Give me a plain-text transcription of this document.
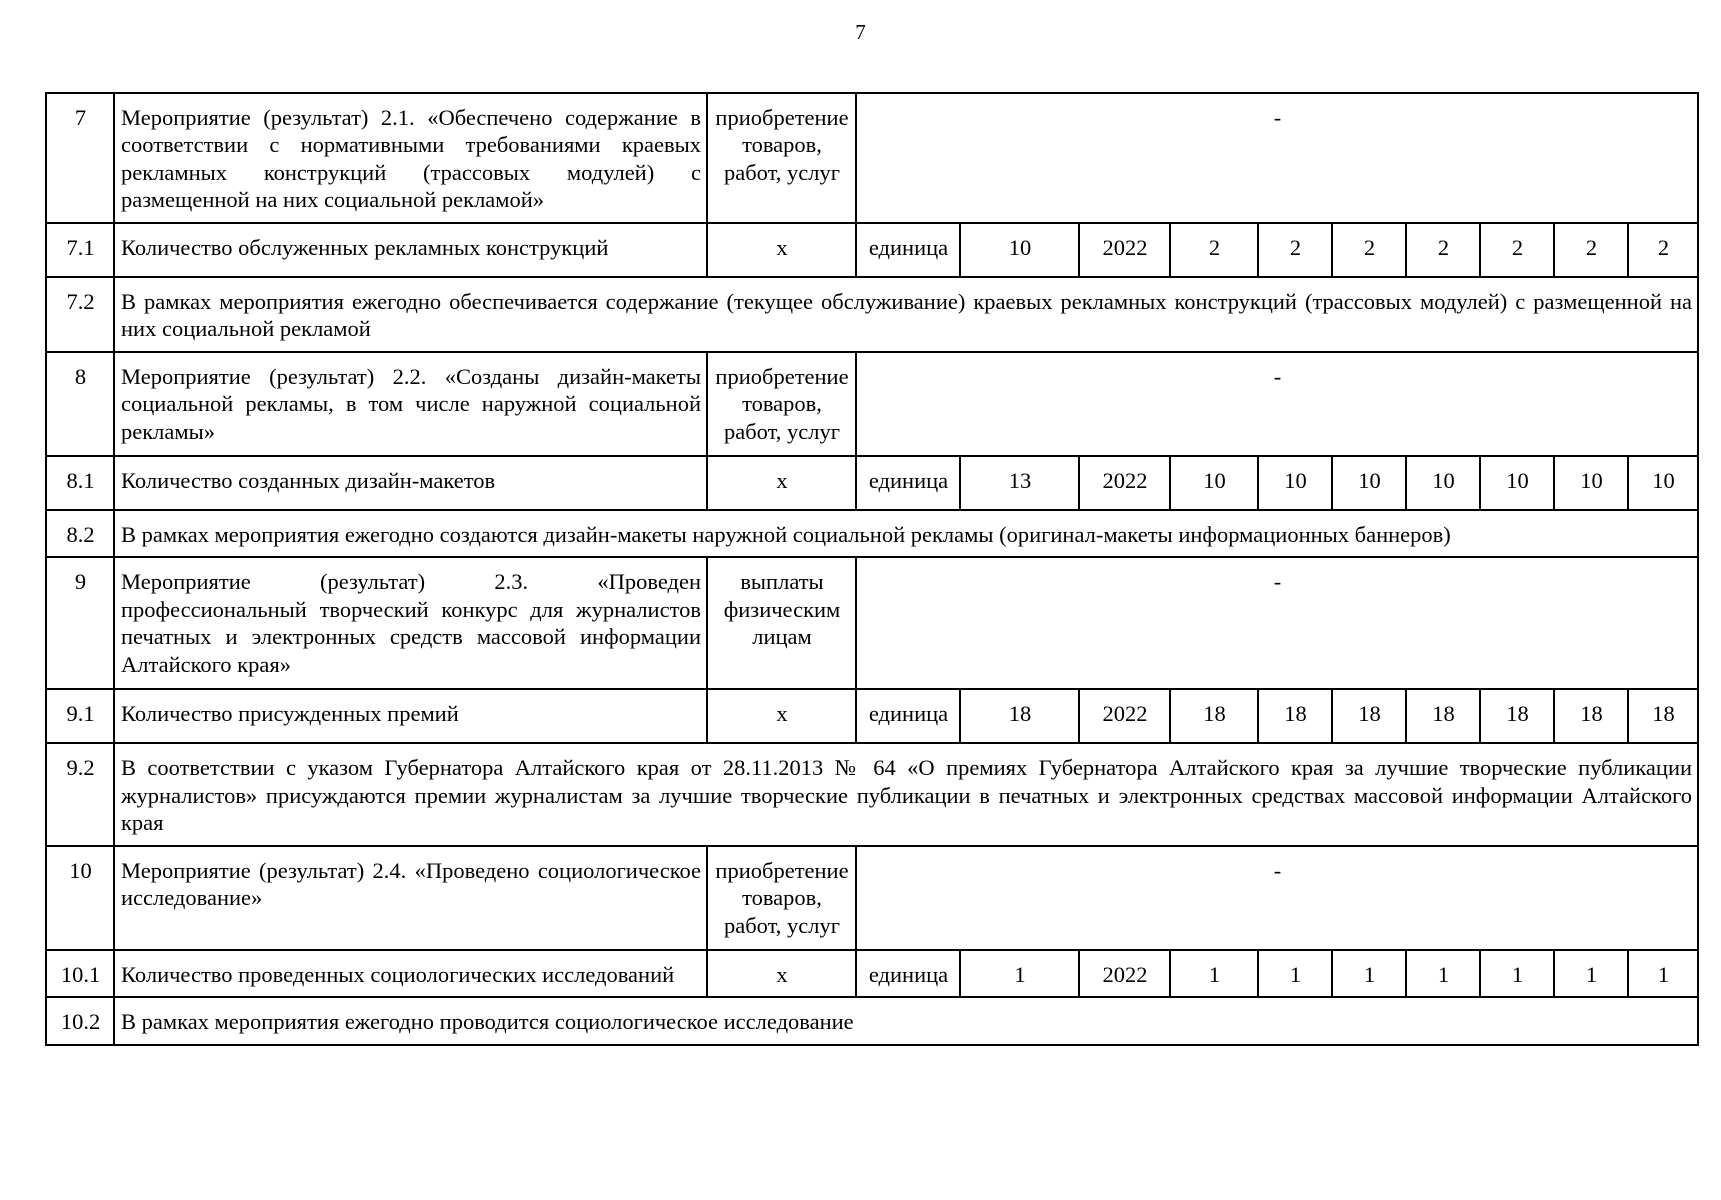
7
7	Мероприятие (результат) 2.1. «Обеспечено содержание в соответствии с нормативными требованиями краевых рекламных конструкций (трассовых модулей) с размещенной на них социальной рекламой»	приобретение товаров, работ, услуг	-									
7.1	Количество обслуженных рекламных конструкций	х	единица	10	2022	2	2	2	2	2	2	2
7.2	В рамках мероприятия ежегодно обеспечивается содержание (текущее обслуживание) краевых рекламных конструкций (трассовых модулей) с размещенной на них социальной рекламой											
8	Мероприятие (результат) 2.2. «Созданы дизайн-макеты социальной рекламы, в том числе наружной социальной рекламы»	приобретение товаров, работ, услуг	-									
8.1	Количество созданных дизайн-макетов	х	единица	13	2022	10	10	10	10	10	10	10
8.2	В рамках мероприятия ежегодно создаются дизайн-макеты наружной социальной рекламы (оригинал-макеты информационных баннеров)											
9	Мероприятие (результат) 2.3. «Проведен профессиональный творческий конкурс для журналистов печатных и электронных средств массовой информации Алтайского края»	выплаты физическим лицам	-									
9.1	Количество присужденных премий	х	единица	18	2022	18	18	18	18	18	18	18
9.2	В соответствии с указом Губернатора Алтайского края от 28.11.2013 № 64 «О премиях Губернатора Алтайского края за лучшие творческие публикации журналистов» присуждаются премии журналистам за лучшие творческие публикации в печатных и электронных средствах массовой информации Алтайского края											
10	Мероприятие (результат) 2.4. «Проведено социологическое исследование»	приобретение товаров, работ, услуг	-									
10.1	Количество проведенных социологических исследований	х	единица	1	2022	1	1	1	1	1	1	1
10.2	В рамках мероприятия ежегодно проводится социологическое исследование											
